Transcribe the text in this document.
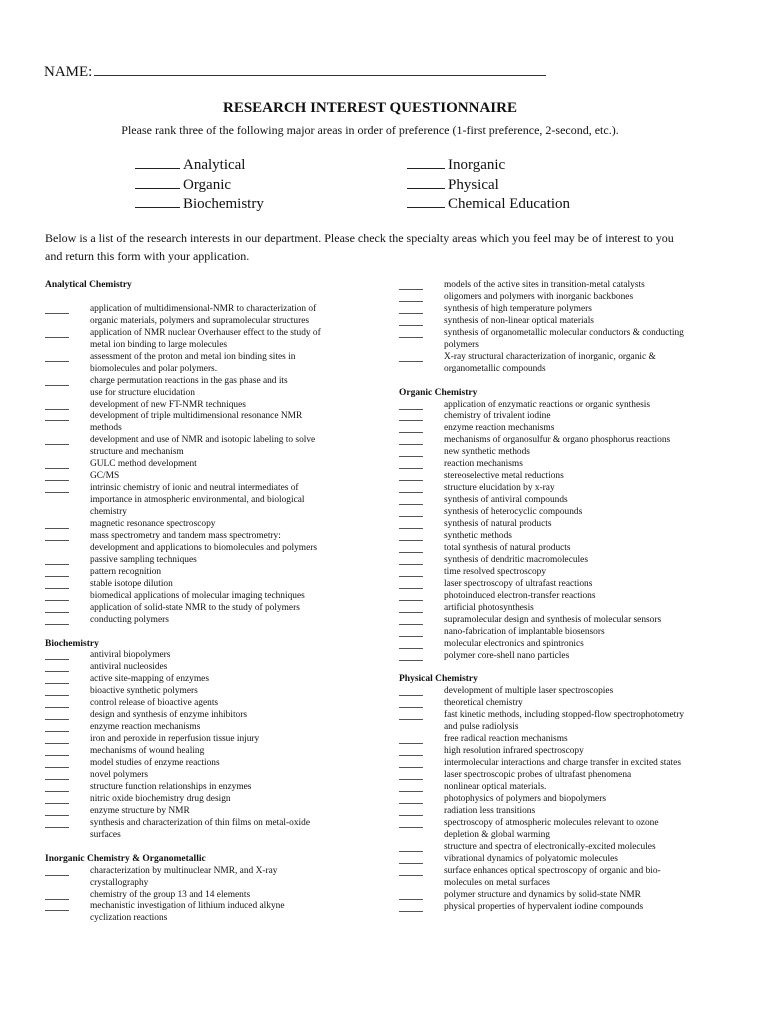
NAME:
RESEARCH INTEREST QUESTIONNAIRE
Please rank three of the following major areas in order of preference (1-first preference, 2-second, etc.).
Analytical
Organic
Biochemistry
Inorganic
Physical
Chemical Education
Below is a list of the research interests in our department. Please check the specialty areas which you feel may be of interest to you and return this form with your application.
Analytical Chemistry
application of multidimensional-NMR to characterization of
organic materials, polymers and supramolecular structures
application of NMR nuclear Overhauser effect to the study of
metal ion binding to large molecules
assessment of the proton and metal ion binding sites in
biomolecules and polar polymers.
charge permutation reactions in the gas phase and its
use for structure elucidation
development of new FT-NMR techniques
development of triple multidimensional resonance NMR
methods
development and use of NMR and isotopic labeling to solve
structure and mechanism
GULC method development
GC/MS
intrinsic chemistry of ionic and neutral intermediates of
importance in atmospheric environmental, and biological
chemistry
magnetic resonance spectroscopy
mass spectrometry and tandem mass spectrometry:
development and applications to biomolecules and polymers
passive sampling techniques
pattern recognition
stable isotope dilution
biomedical applications of molecular imaging techniques
application of solid-state NMR to the study of polymers
conducting polymers
Biochemistry
antiviral biopolymers
antiviral nucleosides
active site-mapping of enzymes
bioactive synthetic polymers
control release of bioactive agents
design and synthesis of enzyme inhibitors
enzyme reaction mechanisms
iron and peroxide in reperfusion tissue injury
mechanisms of wound healing
model studies of enzyme reactions
novel polymers
structure function relationships in enzymes
nitric oxide biochemistry drug design
enzyme structure by NMR
synthesis and characterization of thin films on metal-oxide
surfaces
Inorganic Chemistry & Organometallic
characterization by multinuclear NMR, and X-ray
crystallography
chemistry of the group 13 and 14 elements
mechanistic investigation of lithium induced alkyne
cyclization reactions
models of the active sites in transition-metal catalysts
oligomers and polymers with inorganic backbones
synthesis of high temperature polymers
synthesis of non-linear optical materials
synthesis of organometallic molecular conductors & conducting
polymers
X-ray structural characterization of inorganic, organic &
organometallic compounds
Organic Chemistry
application of enzymatic reactions or organic synthesis
chemistry of trivalent iodine
enzyme reaction mechanisms
mechanisms of organosulfur & organo phosphorus reactions
new synthetic methods
reaction mechanisms
stereoselective metal reductions
structure elucidation by x-ray
synthesis of antiviral compounds
synthesis of heterocyclic compounds
synthesis of natural products
synthetic methods
total synthesis of natural products
synthesis of dendritic macromolecules
time resolved spectroscopy
laser spectroscopy of ultrafast reactions
photoinduced electron-transfer reactions
artificial photosynthesis
supramolecular design and synthesis of molecular sensors
nano-fabrication of implantable biosensors
molecular electronics and spintronics
polymer core-shell nano particles
Physical Chemistry
development of multiple laser spectroscopies
theoretical chemistry
fast kinetic methods, including stopped-flow spectrophotometry
and pulse radiolysis
free radical reaction mechanisms
high resolution infrared spectroscopy
intermolecular interactions and charge transfer in excited states
laser spectroscopic probes of ultrafast phenomena
nonlinear optical materials.
photophysics of polymers and biopolymers
radiation less transitions
spectroscopy of atmospheric molecules relevant to ozone
depletion & global warming
structure and spectra of electronically-excited molecules
vibrational dynamics of polyatomic molecules
surface enhances optical spectroscopy of organic and bio-
molecules on metal surfaces
polymer structure and dynamics by solid-state NMR
physical properties of hypervalent iodine compounds
